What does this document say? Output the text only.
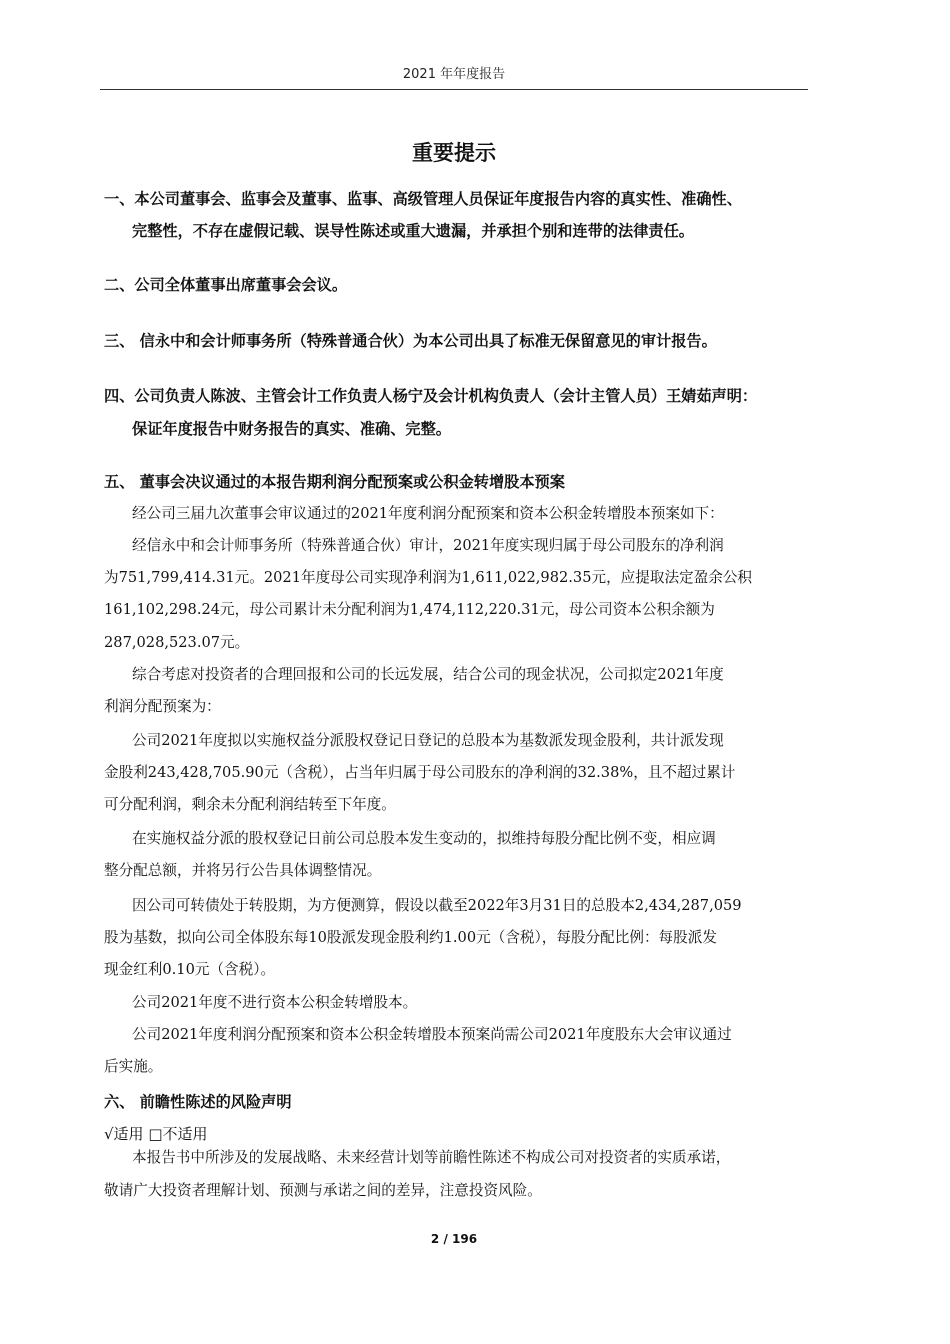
2021 年年度报告
重要提示
一、本公司董事会、监事会及董事、监事、高级管理人员保证年度报告内容的真实性、准确性、
完整性，不存在虚假记载、误导性陈述或重大遗漏，并承担个别和连带的法律责任。
二、公司全体董事出席董事会会议。
三、 信永中和会计师事务所（特殊普通合伙）为本公司出具了标准无保留意见的审计报告。
四、公司负责人陈波、主管会计工作负责人杨宁及会计机构负责人（会计主管人员）王婧茹声明：
保证年度报告中财务报告的真实、准确、完整。
五、 董事会决议通过的本报告期利润分配预案或公积金转增股本预案
经公司三届九次董事会审议通过的2021年度利润分配预案和资本公积金转增股本预案如下：
经信永中和会计师事务所（特殊普通合伙）审计，2021年度实现归属于母公司股东的净利润
为751,799,414.31元。2021年度母公司实现净利润为1,611,022,982.35元，应提取法定盈余公积
161,102,298.24元，母公司累计未分配利润为1,474,112,220.31元，母公司资本公积余额为
287,028,523.07元。
综合考虑对投资者的合理回报和公司的长远发展，结合公司的现金状况，公司拟定2021年度
利润分配预案为：
公司2021年度拟以实施权益分派股权登记日登记的总股本为基数派发现金股利，共计派发现
金股利243,428,705.90元（含税），占当年归属于母公司股东的净利润的32.38%，且不超过累计
可分配利润，剩余未分配利润结转至下年度。
在实施权益分派的股权登记日前公司总股本发生变动的，拟维持每股分配比例不变，相应调
整分配总额，并将另行公告具体调整情况。
因公司可转债处于转股期，为方便测算，假设以截至2022年3月31日的总股本2,434,287,059
股为基数，拟向公司全体股东每10股派发现金股利约1.00元（含税），每股分配比例：每股派发
现金红利0.10元（含税）。
公司2021年度不进行资本公积金转增股本。
公司2021年度利润分配预案和资本公积金转增股本预案尚需公司2021年度股东大会审议通过
后实施。
六、 前瞻性陈述的风险声明
√适用 □不适用
本报告书中所涉及的发展战略、未来经营计划等前瞻性陈述不构成公司对投资者的实质承诺，
敬请广大投资者理解计划、预测与承诺之间的差异，注意投资风险。
2 / 196
